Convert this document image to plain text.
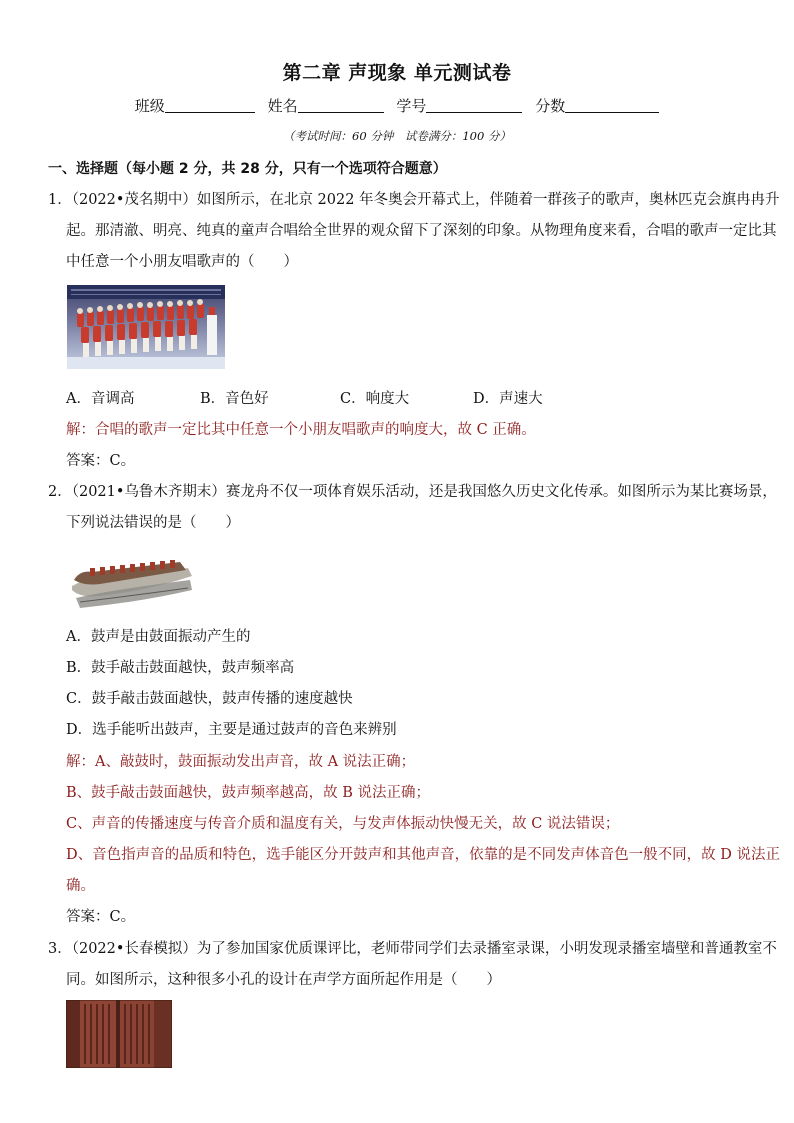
第二章 声现象 单元测试卷
班级	姓名	学号	分数
（考试时间：60 分钟　试卷满分：100 分）
一、选择题（每小题 2 分，共 28 分，只有一个选项符合题意）
1．（2022•茂名期中）如图所示，在北京 2022 年冬奥会开幕式上，伴随着一群孩子的歌声，奥林匹克会旗冉冉升
起。那清澈、明亮、纯真的童声合唱给全世界的观众留下了深刻的印象。从物理角度来看，合唱的歌声一定比其
中任意一个小朋友唱歌声的（　　）
A．音调高	B．音色好	C．响度大	D．声速大
解：合唱的歌声一定比其中任意一个小朋友唱歌声的响度大，故 C 正确。
答案：C。
2．（2021•乌鲁木齐期末）赛龙舟不仅一项体育娱乐活动，还是我国悠久历史文化传承。如图所示为某比赛场景，
下列说法错误的是（　　）
A．鼓声是由鼓面振动产生的
B．鼓手敲击鼓面越快，鼓声频率高
C．鼓手敲击鼓面越快，鼓声传播的速度越快
D．选手能听出鼓声，主要是通过鼓声的音色来辨别
解：A、敲鼓时，鼓面振动发出声音，故 A 说法正确；
B、鼓手敲击鼓面越快，鼓声频率越高，故 B 说法正确；
C、声音的传播速度与传音介质和温度有关，与发声体振动快慢无关，故 C 说法错误；
D、音色指声音的品质和特色，选手能区分开鼓声和其他声音，依靠的是不同发声体音色一般不同，故 D 说法正
确。
答案：C。
3．（2022•长春模拟）为了参加国家优质课评比，老师带同学们去录播室录课，小明发现录播室墙壁和普通教室不
同。如图所示，这种很多小孔的设计在声学方面所起作用是（　　）
